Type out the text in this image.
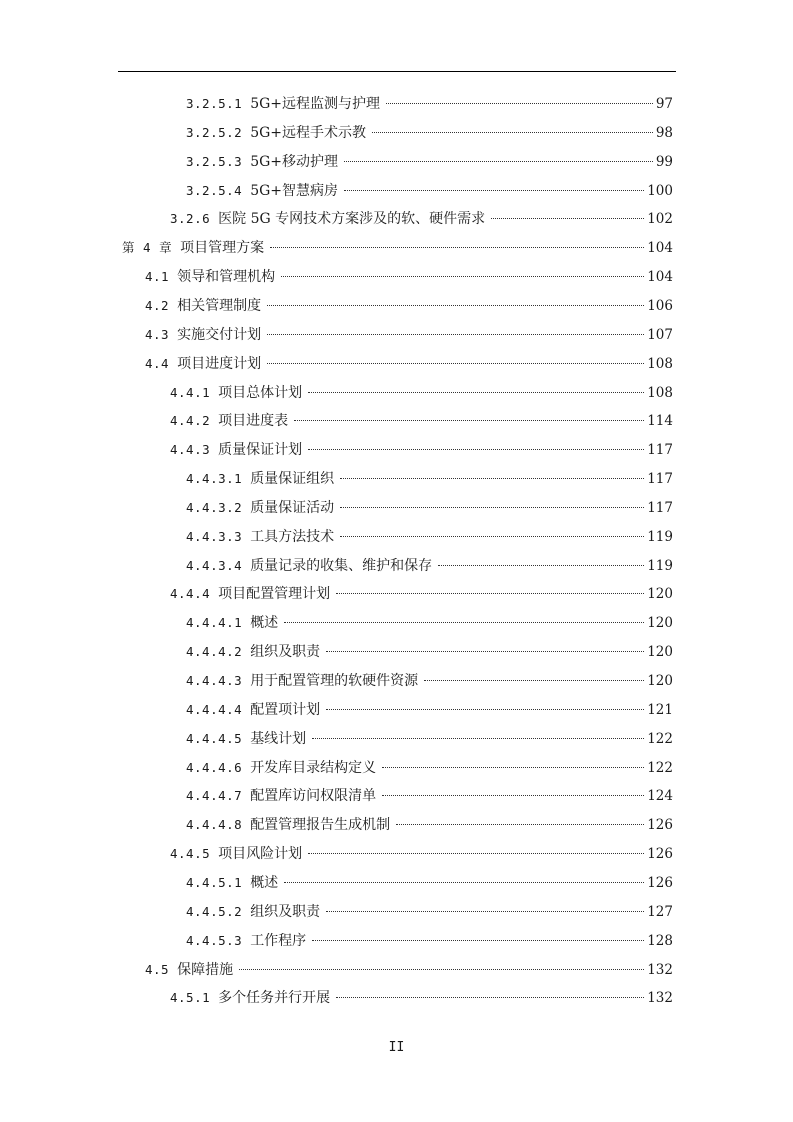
3.2.5.1 5G+远程监测与护理	97
3.2.5.2 5G+远程手术示教	98
3.2.5.3 5G+移动护理	99
3.2.5.4 5G+智慧病房	100
3.2.6 医院 5G 专网技术方案涉及的软、硬件需求	102
第 4 章 项目管理方案	104
4.1 领导和管理机构	104
4.2 相关管理制度	106
4.3 实施交付计划	107
4.4 项目进度计划	108
4.4.1 项目总体计划	108
4.4.2 项目进度表	114
4.4.3 质量保证计划	117
4.4.3.1 质量保证组织	117
4.4.3.2 质量保证活动	117
4.4.3.3 工具方法技术	119
4.4.3.4 质量记录的收集、维护和保存	119
4.4.4 项目配置管理计划	120
4.4.4.1 概述	120
4.4.4.2 组织及职责	120
4.4.4.3 用于配置管理的软硬件资源	120
4.4.4.4 配置项计划	121
4.4.4.5 基线计划	122
4.4.4.6 开发库目录结构定义	122
4.4.4.7 配置库访问权限清单	124
4.4.4.8 配置管理报告生成机制	126
4.4.5 项目风险计划	126
4.4.5.1 概述	126
4.4.5.2 组织及职责	127
4.4.5.3 工作程序	128
4.5 保障措施	132
4.5.1 多个任务并行开展	132
II
